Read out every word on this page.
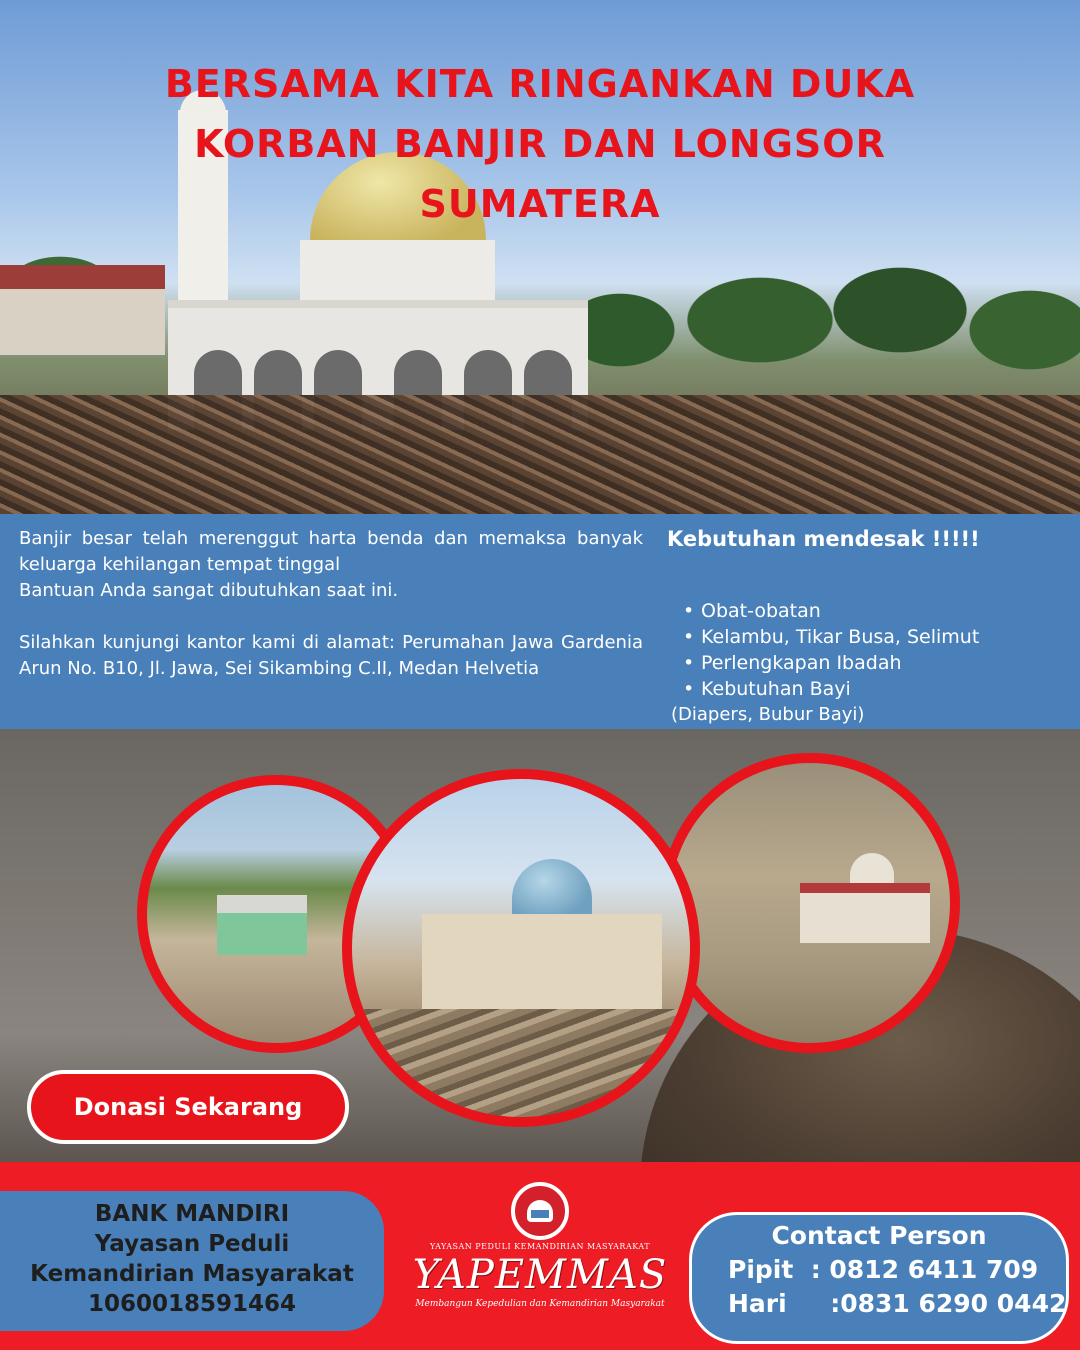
BERSAMA KITA RINGANKAN DUKA
KORBAN BANJIR DAN LONGSOR
SUMATERA

Banjir besar telah merenggut harta benda dan memaksa banyak keluarga kehilangan tempat tinggal

Bantuan Anda sangat dibutuhkan saat ini.

Silahkan kunjungi kantor kami di alamat: Perumahan Jawa Gardenia Arun No. B10, Jl. Jawa, Sei Sikambing C.II, Medan Helvetia

Kebutuhan mendesak !!!!!
• Obat-obatan
• Kelambu, Tikar Busa, Selimut
• Perlengkapan Ibadah
• Kebutuhan Bayi
(Diapers, Bubur Bayi)
Donasi Sekarang
BANK MANDIRI
Yayasan Peduli
Kemandirian Masyarakat
1060018591464
YAYASAN PEDULI KEMANDIRIAN MASYARAKAT
YAPEMMAS
Membangun Kepedulian dan Kemandirian Masyarakat
Contact Person
Pipit  : 0812 6411 709
Hari     :0831 6290 0442
